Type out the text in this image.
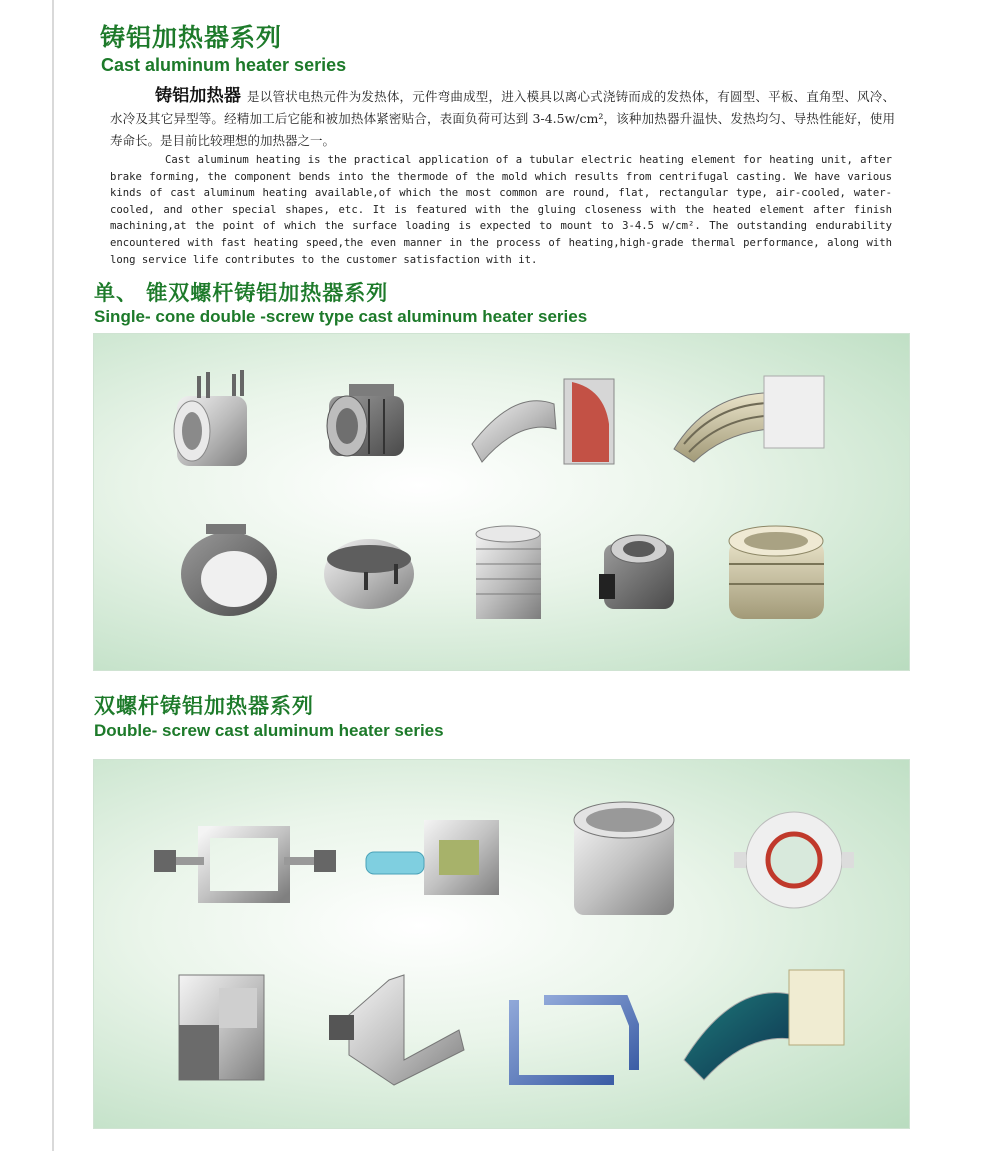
铸铝加热器系列
Cast aluminum heater series
铸铝加热器 是以管状电热元件为发热体，元件弯曲成型，进入模具以离心式浇铸而成的发热体，有圆型、平板、直角型、风冷、水冷及其它异型等。经精加工后它能和被加热体紧密贴合，表面负荷可达到 3-4.5w/cm²，该种加热器升温快、发热均匀、导热性能好，使用寿命长。是目前比较理想的加热器之一。
Cast aluminum heating is the practical application of a tubular electric heating element for heating unit, after brake forming, the component bends into the thermode of the mold which results from centrifugal casting. We have various kinds of cast aluminum heating available,of which the most common are round, flat, rectangular type, air-cooled, water-cooled, and other special shapes, etc. It is featured with the gluing closeness with the heated element after finish machining,at the point of which the surface loading is expected to mount to 3-4.5 w/cm². The outstanding endurability encountered with fast heating speed,the even manner in the process of heating,high-grade thermal performance, along with long service life contributes to the customer satisfaction with it.
单、 锥双螺杆铸铝加热器系列
Single- cone double -screw type cast aluminum heater series
双螺杆铸铝加热器系列
Double- screw cast aluminum heater series
